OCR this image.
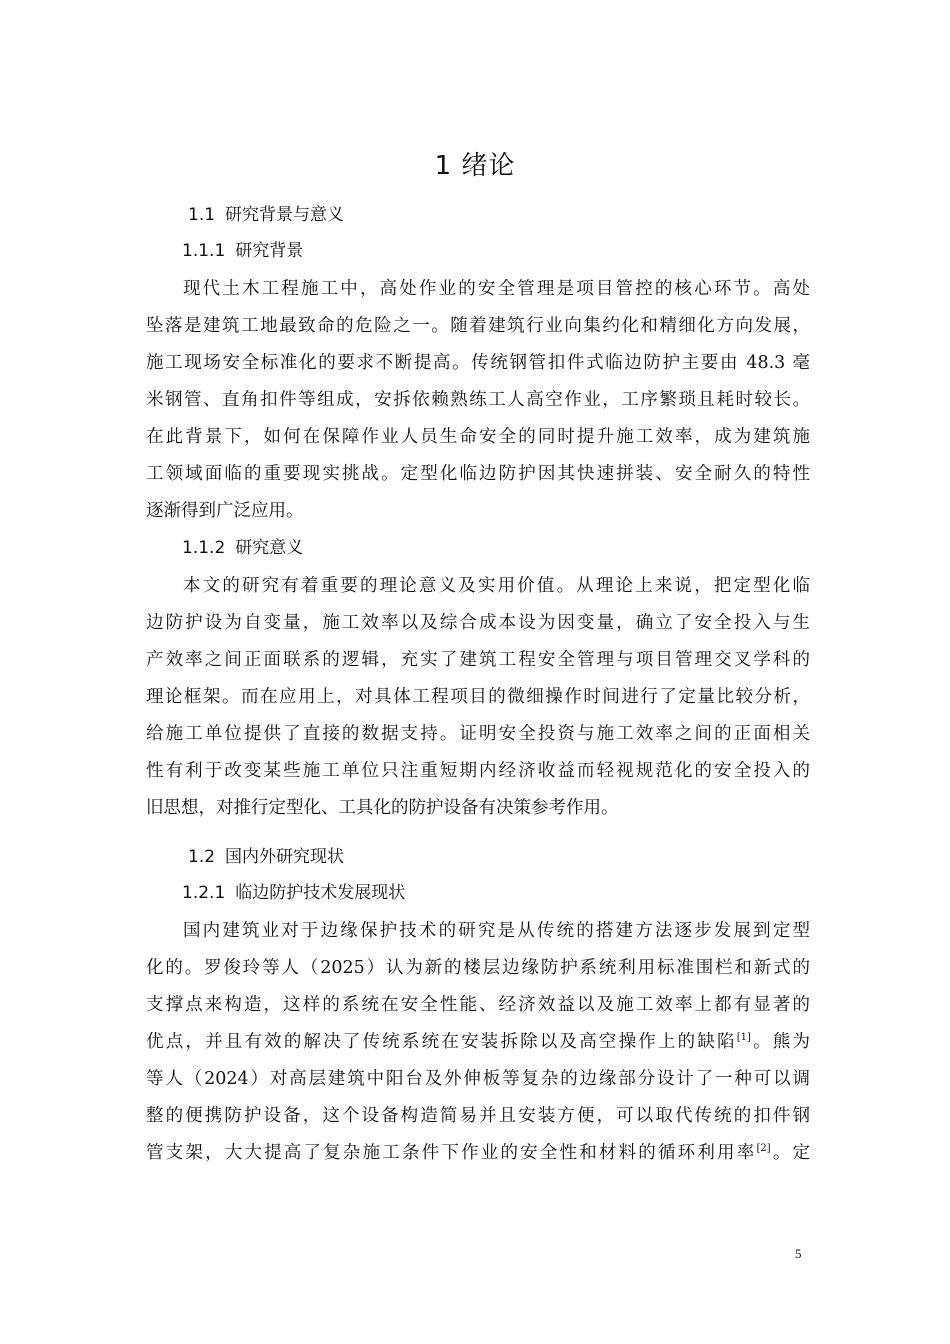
1 绪论
1.1 研究背景与意义
1.1.1 研究背景
现代土木工程施工中，高处作业的安全管理是项目管控的核心环节。高处
坠落是建筑工地最致命的危险之一。随着建筑行业向集约化和精细化方向发展，
施工现场安全标准化的要求不断提高。传统钢管扣件式临边防护主要由 48.3 毫
米钢管、直角扣件等组成，安拆依赖熟练工人高空作业，工序繁琐且耗时较长。
在此背景下，如何在保障作业人员生命安全的同时提升施工效率，成为建筑施
工领域面临的重要现实挑战。定型化临边防护因其快速拼装、安全耐久的特性
逐渐得到广泛应用。
1.1.2 研究意义
本文的研究有着重要的理论意义及实用价值。从理论上来说，把定型化临
边防护设为自变量，施工效率以及综合成本设为因变量，确立了安全投入与生
产效率之间正面联系的逻辑，充实了建筑工程安全管理与项目管理交叉学科的
理论框架。而在应用上，对具体工程项目的微细操作时间进行了定量比较分析，
给施工单位提供了直接的数据支持。证明安全投资与施工效率之间的正面相关
性有利于改变某些施工单位只注重短期内经济收益而轻视规范化的安全投入的
旧思想，对推行定型化、工具化的防护设备有决策参考作用。
1.2 国内外研究现状
1.2.1 临边防护技术发展现状
国内建筑业对于边缘保护技术的研究是从传统的搭建方法逐步发展到定型
化的。罗俊玲等人（2025）认为新的楼层边缘防护系统利用标准围栏和新式的
支撑点来构造，这样的系统在安全性能、经济效益以及施工效率上都有显著的
优点，并且有效的解决了传统系统在安装拆除以及高空操作上的缺陷[1]。熊为
等人（2024）对高层建筑中阳台及外伸板等复杂的边缘部分设计了一种可以调
整的便携防护设备，这个设备构造简易并且安装方便，可以取代传统的扣件钢
管支架，大大提高了复杂施工条件下作业的安全性和材料的循环利用率[2]。定
5
